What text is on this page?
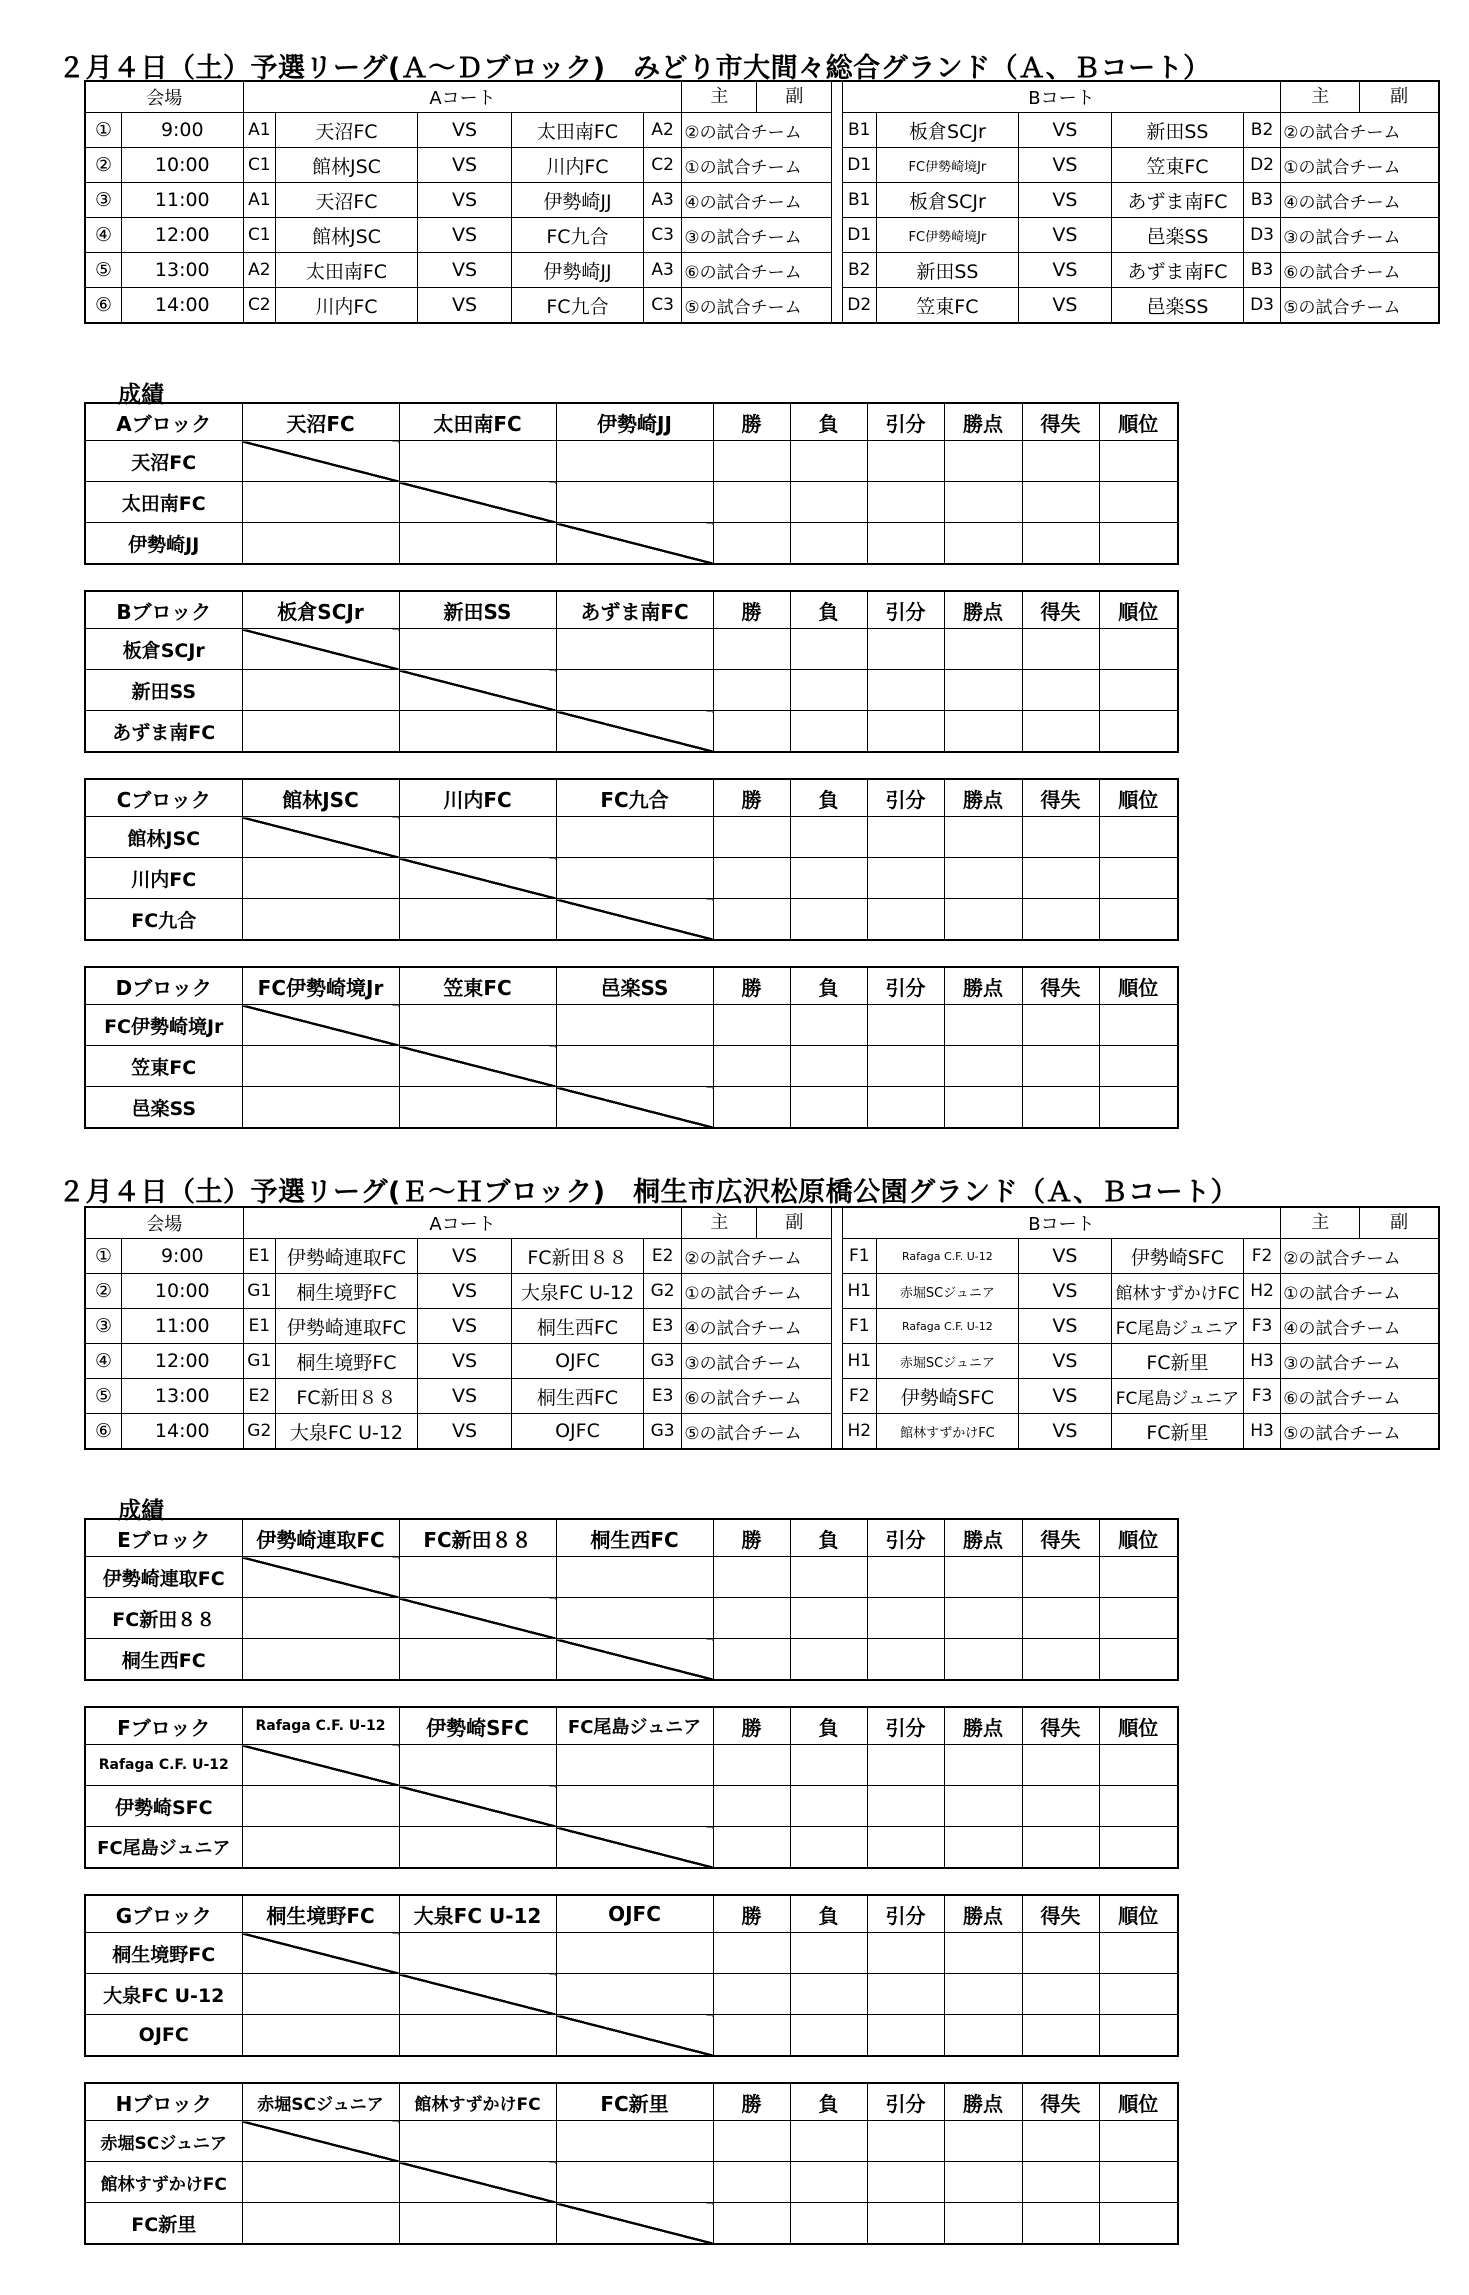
２月４日（土）予選リーグ(Ａ～Ｄブロック)　みどり市大間々総合グランド（Ａ、Ｂコート）
会場		Aコート					主 副		Bコート					主 副

①	9:00	A1	天沼FC	VS	太田南FC	A2	②の試合チーム		B1	板倉SCJr	VS	新田SS	B2	②の試合チーム
②	10:00	C1	館林JSC	VS	川内FC	C2	①の試合チーム		D1	FC伊勢崎境Jr	VS	笠東FC	D2	①の試合チーム
③	11:00	A1	天沼FC	VS	伊勢崎JJ	A3	④の試合チーム		B1	板倉SCJr	VS	あずま南FC	B3	④の試合チーム
④	12:00	C1	館林JSC	VS	FC九合	C3	③の試合チーム		D1	FC伊勢崎境Jr	VS	邑楽SS	D3	③の試合チーム
⑤	13:00	A2	太田南FC	VS	伊勢崎JJ	A3	⑥の試合チーム		B2	新田SS	VS	あずま南FC	B3	⑥の試合チーム
⑥	14:00	C2	川内FC	VS	FC九合	C3	⑤の試合チーム		D2	笠東FC	VS	邑楽SS	D3	⑤の試合チーム
成績
Aブロック	天沼FC	太田南FC	伊勢崎JJ	勝	負	引分	勝点	得失	順位
天沼FC									
太田南FC									
伊勢崎JJ									
Bブロック	板倉SCJr	新田SS	あずま南FC	勝	負	引分	勝点	得失	順位
板倉SCJr									
新田SS									
あずま南FC									
Cブロック	館林JSC	川内FC	FC九合	勝	負	引分	勝点	得失	順位
館林JSC									
川内FC									
FC九合									
Dブロック	FC伊勢崎境Jr	笠東FC	邑楽SS	勝	負	引分	勝点	得失	順位
FC伊勢崎境Jr									
笠東FC									
邑楽SS									
２月４日（土）予選リーグ(Ｅ～Ｈブロック)　桐生市広沢松原橋公園グランド（Ａ、Ｂコート）
会場		Aコート					主 副		Bコート					主 副

①	9:00	E1	伊勢崎連取FC	VS	FC新田８８	E2	②の試合チーム		F1	Rafaga C.F. U-12	VS	伊勢崎SFC	F2	②の試合チーム
②	10:00	G1	桐生境野FC	VS	大泉FC U-12	G2	①の試合チーム		H1	赤堀SCジュニア	VS	館林すずかけFC	H2	①の試合チーム
③	11:00	E1	伊勢崎連取FC	VS	桐生西FC	E3	④の試合チーム		F1	Rafaga C.F. U-12	VS	FC尾島ジュニア	F3	④の試合チーム
④	12:00	G1	桐生境野FC	VS	OJFC	G3	③の試合チーム		H1	赤堀SCジュニア	VS	FC新里	H3	③の試合チーム
⑤	13:00	E2	FC新田８８	VS	桐生西FC	E3	⑥の試合チーム		F2	伊勢崎SFC	VS	FC尾島ジュニア	F3	⑥の試合チーム
⑥	14:00	G2	大泉FC U-12	VS	OJFC	G3	⑤の試合チーム		H2	館林すずかけFC	VS	FC新里	H3	⑤の試合チーム
成績
Eブロック	伊勢崎連取FC	FC新田８８	桐生西FC	勝	負	引分	勝点	得失	順位
伊勢崎連取FC									
FC新田８８									
桐生西FC									
Fブロック	Rafaga C.F. U-12	伊勢崎SFC	FC尾島ジュニア	勝	負	引分	勝点	得失	順位
Rafaga C.F. U-12									
伊勢崎SFC									
FC尾島ジュニア									
Gブロック	桐生境野FC	大泉FC U-12	OJFC	勝	負	引分	勝点	得失	順位
桐生境野FC									
大泉FC U-12									
OJFC									
Hブロック	赤堀SCジュニア	館林すずかけFC	FC新里	勝	負	引分	勝点	得失	順位
赤堀SCジュニア									
館林すずかけFC									
FC新里									
